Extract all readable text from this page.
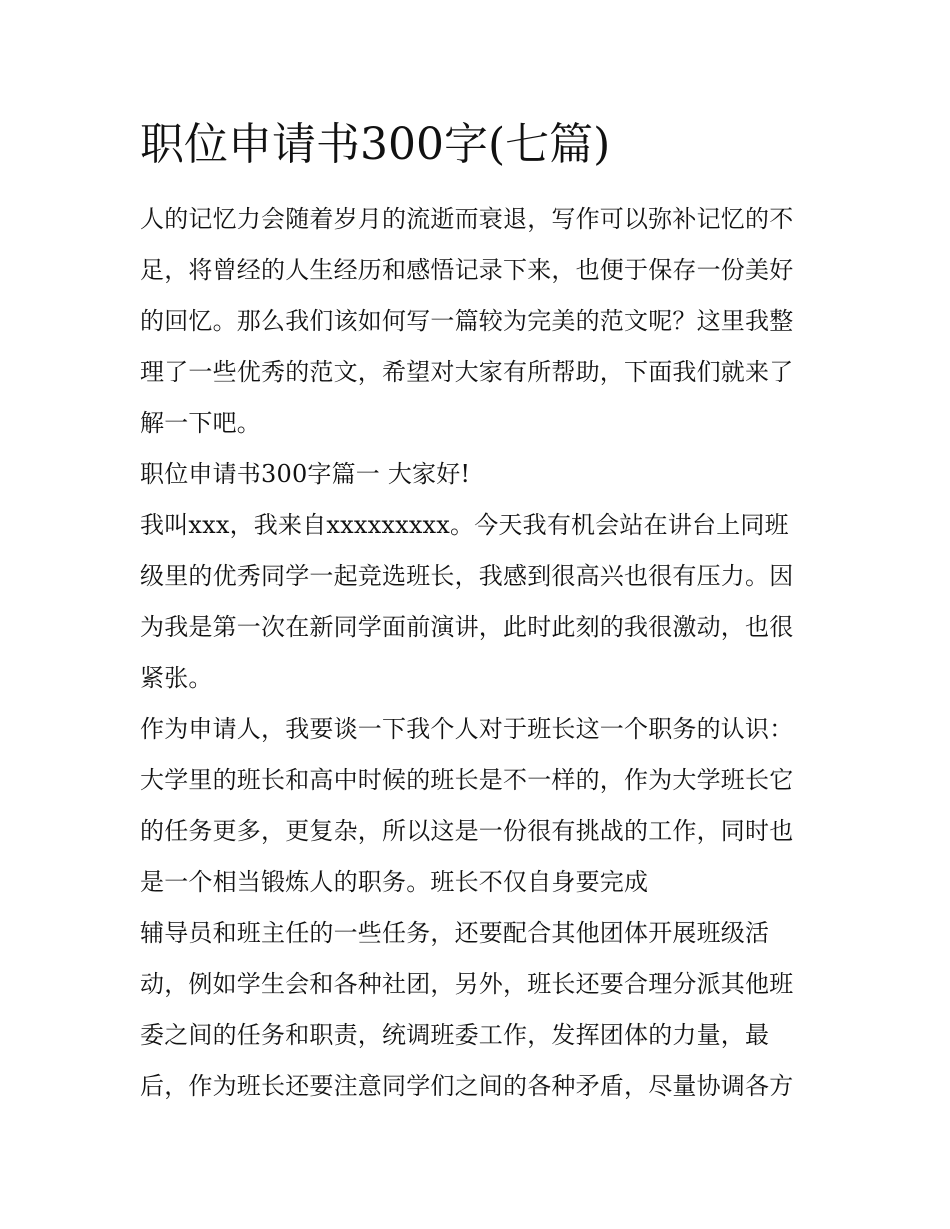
职位申请书300字(七篇)
人的记忆力会随着岁月的流逝而衰退，写作可以弥补记忆的不
足，将曾经的人生经历和感悟记录下来，也便于保存一份美好
的回忆。那么我们该如何写一篇较为完美的范文呢？这里我整
理了一些优秀的范文，希望对大家有所帮助，下面我们就来了
解一下吧。
职位申请书300字篇一 大家好!
我叫xxx，我来自xxxxxxxxx。今天我有机会站在讲台上同班
级里的优秀同学一起竞选班长，我感到很高兴也很有压力。因
为我是第一次在新同学面前演讲，此时此刻的我很激动，也很
紧张。
作为申请人，我要谈一下我个人对于班长这一个职务的认识：
大学里的班长和高中时候的班长是不一样的，作为大学班长它
的任务更多，更复杂，所以这是一份很有挑战的工作，同时也
是一个相当锻炼人的职务。班长不仅自身要完成
辅导员和班主任的一些任务，还要配合其他团体开展班级活
动，例如学生会和各种社团，另外，班长还要合理分派其他班
委之间的任务和职责，统调班委工作，发挥团体的力量，最
后，作为班长还要注意同学们之间的各种矛盾，尽量协调各方
